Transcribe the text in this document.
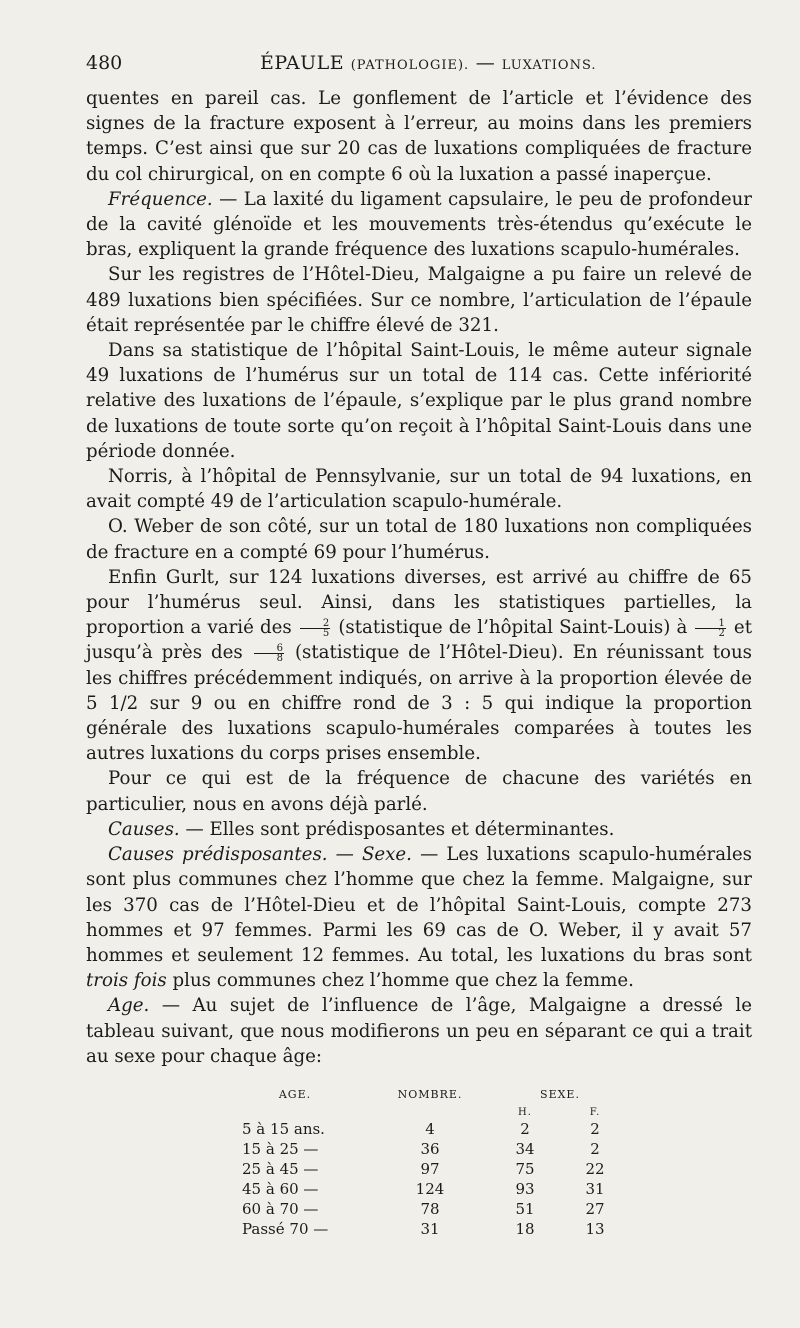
480	ÉPAULE (PATHOLOGIE). — LUXATIONS.

quentes en pareil cas. Le gonflement de l’article et l’évidence des signes de la fracture exposent à l’erreur, au moins dans les premiers temps. C’est ainsi que sur 20 cas de luxations compliquées de fracture du col chirurgical, on en compte 6 où la luxation a passé inaperçue.

Fréquence. — La laxité du ligament capsulaire, le peu de profondeur de la cavité glénoïde et les mouvements très-étendus qu’exécute le bras, expliquent la grande fréquence des luxations scapulo-humérales.

Sur les registres de l’Hôtel-Dieu, Malgaigne a pu faire un relevé de 489 luxations bien spécifiées. Sur ce nombre, l’articulation de l’épaule était représentée par le chiffre élevé de 321.

Dans sa statistique de l’hôpital Saint-Louis, le même auteur signale 49 luxations de l’humérus sur un total de 114 cas. Cette infériorité relative des luxations de l’épaule, s’explique par le plus grand nombre de luxations de toute sorte qu’on reçoit à l’hôpital Saint-Louis dans une période donnée.

Norris, à l’hôpital de Pennsylvanie, sur un total de 94 luxations, en avait compté 49 de l’articulation scapulo-humérale.

O. Weber de son côté, sur un total de 180 luxations non compliquées de fracture en a compté 69 pour l’humérus.

Enfin Gurlt, sur 124 luxations diverses, est arrivé au chiffre de 65 pour l’humérus seul. Ainsi, dans les statistiques partielles, la proportion a varié des $\frac{2}{5}$ (statistique de l’hôpital Saint-Louis) à $\frac{1}{2}$ et jusqu’à près des $\frac{6}{8}$ (statistique de l’Hôtel-Dieu). En réunissant tous les chiffres précédemment indiqués, on arrive à la proportion élevée de 5 1/2 sur 9 ou en chiffre rond de 3 : 5 qui indique la proportion générale des luxations scapulo-humérales comparées à toutes les autres luxations du corps prises ensemble.

Pour ce qui est de la fréquence de chacune des variétés en particulier, nous en avons déjà parlé.

Causes. — Elles sont prédisposantes et déterminantes.

Causes prédisposantes. — Sexe. — Les luxations scapulo-humérales sont plus communes chez l’homme que chez la femme. Malgaigne, sur les 370 cas de l’Hôtel-Dieu et de l’hôpital Saint-Louis, compte 273 hommes et 97 femmes. Parmi les 69 cas de O. Weber, il y avait 57 hommes et seulement 12 femmes. Au total, les luxations du bras sont trois fois plus communes chez l’homme que chez la femme.

Age. — Au sujet de l’influence de l’âge, Malgaigne a dressé le tableau suivant, que nous modifierons un peu en séparant ce qui a trait au sexe pour chaque âge:

AGE.	NOMBRE.	SEXE.	
		H.	F.
5 à 15 ans.	4	2	2
15 à 25 —	36	34	2
25 à 45 —	97	75	22
45 à 60 —	124	93	31
60 à 70 —	78	51	27
Passé 70 —	31	18	13
